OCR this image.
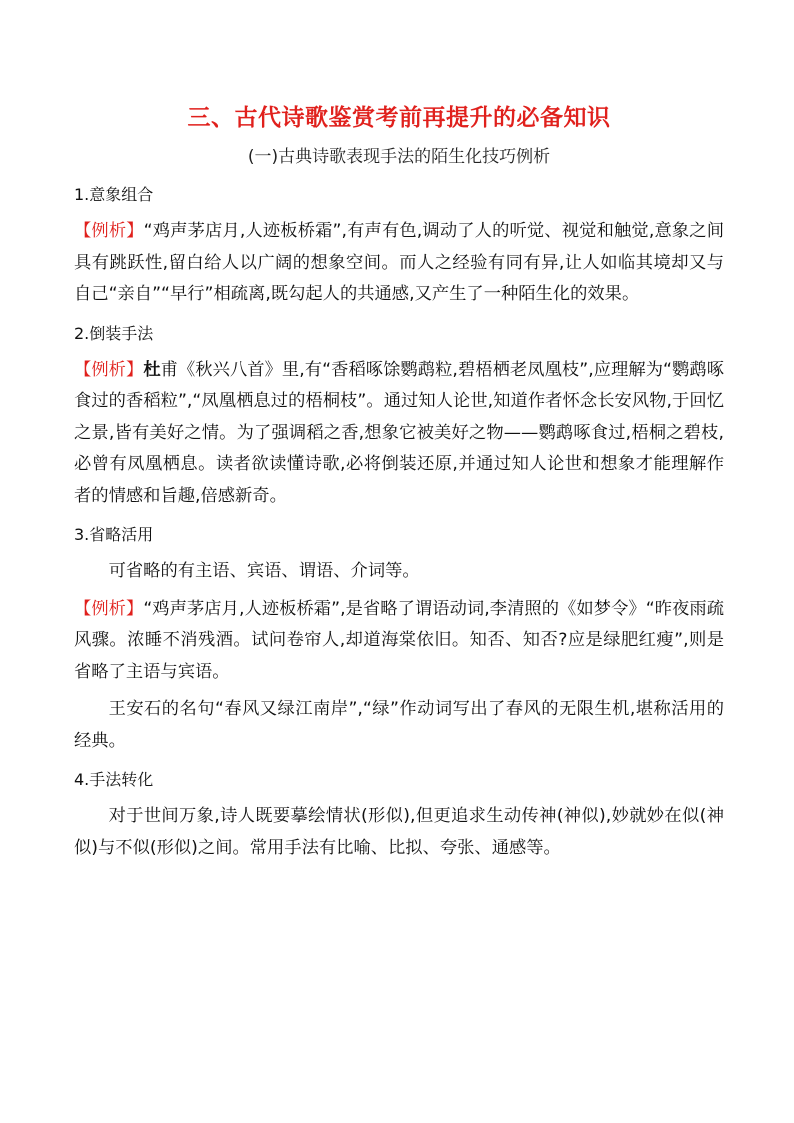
三、古代诗歌鉴赏考前再提升的必备知识

(一)古典诗歌表现手法的陌生化技巧例析

1.意象组合

【例析】“鸡声茅店月,人迹板桥霜”,有声有色,调动了人的听觉、视觉和触觉,意象之间具有跳跃性,留白给人以广阔的想象空间。而人之经验有同有异,让人如临其境却又与自己“亲自”“早行”相疏离,既勾起人的共通感,又产生了一种陌生化的效果。

2.倒装手法

【例析】杜甫《秋兴八首》里,有“香稻啄馀鹦鹉粒,碧梧栖老凤凰枝”,应理解为“鹦鹉啄食过的香稻粒”,“凤凰栖息过的梧桐枝”。通过知人论世,知道作者怀念长安风物,于回忆之景,皆有美好之情。为了强调稻之香,想象它被美好之物——鹦鹉啄食过,梧桐之碧枝,必曾有凤凰栖息。读者欲读懂诗歌,必将倒装还原,并通过知人论世和想象才能理解作者的情感和旨趣,倍感新奇。

3.省略活用

可省略的有主语、宾语、谓语、介词等。

【例析】“鸡声茅店月,人迹板桥霜”,是省略了谓语动词,李清照的《如梦令》“昨夜雨疏风骤。浓睡不消残酒。试问卷帘人,却道海棠依旧。知否、知否?应是绿肥红瘦”,则是省略了主语与宾语。

王安石的名句“春风又绿江南岸”,“绿”作动词写出了春风的无限生机,堪称活用的经典。

4.手法转化

对于世间万象,诗人既要摹绘情状(形似),但更追求生动传神(神似),妙就妙在似(神似)与不似(形似)之间。常用手法有比喻、比拟、夸张、通感等。
